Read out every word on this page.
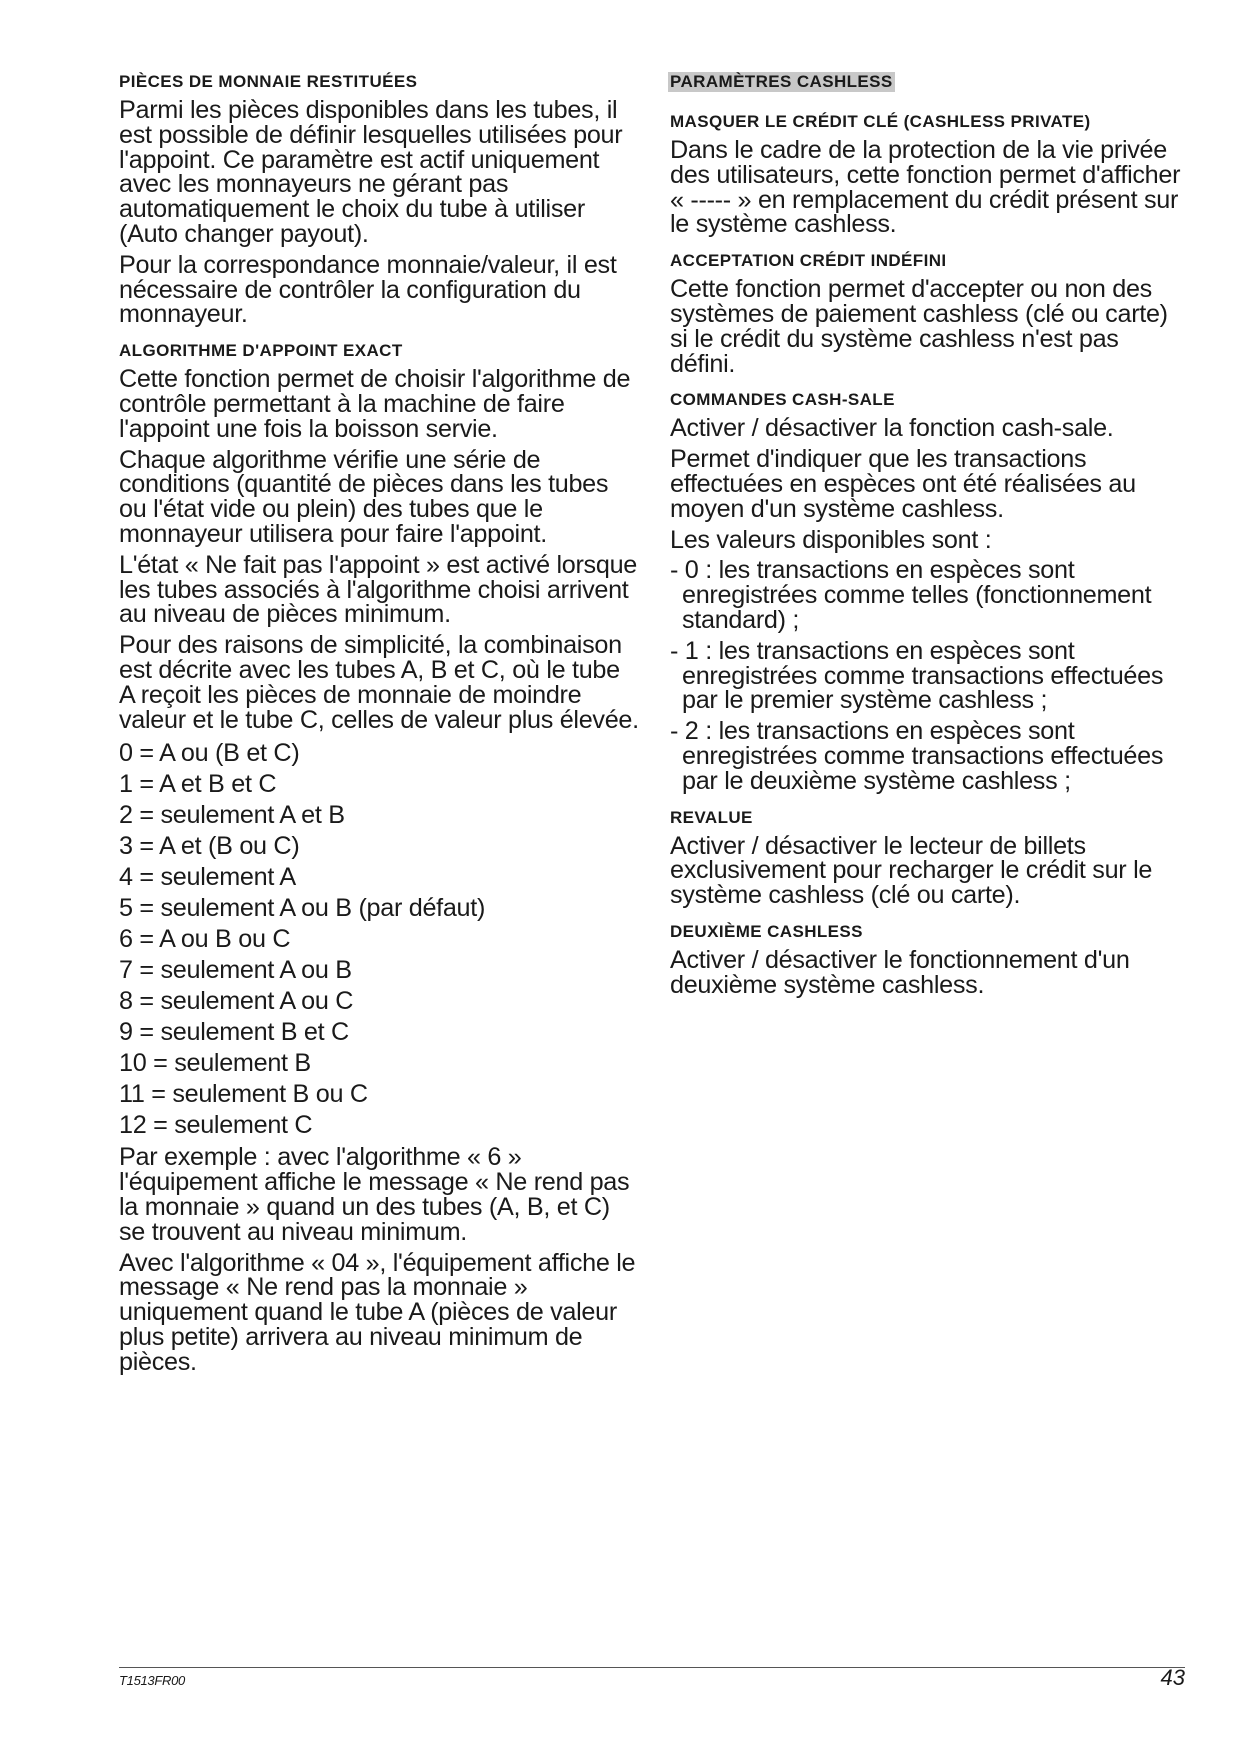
PIÈCES DE MONNAIE RESTITUÉES

Parmi les pièces disponibles dans les tubes, il est possible de définir lesquelles utilisées pour l'appoint. Ce paramètre est actif uniquement avec les monnayeurs ne gérant pas automatiquement le choix du tube à utiliser (Auto changer payout).

Pour la correspondance monnaie/valeur, il est nécessaire de contrôler la configuration du monnayeur.

ALGORITHME D'APPOINT EXACT

Cette fonction permet de choisir l'algorithme de contrôle permettant à la machine de faire l'appoint une fois la boisson servie.

Chaque algorithme vérifie une série de conditions (quantité de pièces dans les tubes ou l'état vide ou plein) des tubes que le monnayeur utilisera pour faire l'appoint.

L'état « Ne fait pas l'appoint » est activé lorsque les tubes associés à l'algorithme choisi arrivent au niveau de pièces minimum.

Pour des raisons de simplicité, la combinaison est décrite avec les tubes A, B et C, où le tube A reçoit les pièces de monnaie de moindre valeur et le tube C, celles de valeur plus élevée.

0 = A ou (B et C)

1 = A et B et C

2 = seulement A et B

3 = A et (B ou C)

4 = seulement A

5 = seulement A ou B (par défaut)

6 = A ou B ou C

7 = seulement A ou B

8 = seulement A ou C

9 = seulement B et C

10 = seulement B

11 = seulement B ou C

12 = seulement C

Par exemple : avec l'algorithme « 6 » l'équipement affiche le message « Ne rend pas la monnaie » quand un des tubes (A, B, et C) se trouvent au niveau minimum.

Avec l'algorithme « 04 », l'équipement affiche le message « Ne rend pas la monnaie » uniquement quand le tube A (pièces de valeur plus petite) arrivera au niveau minimum de pièces.

PARAMÈTRES CASHLESS
MASQUER LE CRÉDIT CLÉ (CASHLESS PRIVATE)

Dans le cadre de la protection de la vie privée des utilisateurs, cette fonction permet d'afficher « ----- » en remplacement du crédit présent sur le système cashless.

ACCEPTATION CRÉDIT INDÉFINI

Cette fonction permet d'accepter ou non des systèmes de paiement cashless (clé ou carte) si le crédit du système cashless n'est pas défini.

COMMANDES CASH-SALE

Activer / désactiver la fonction cash-sale.

Permet d'indiquer que les transactions effectuées en espèces ont été réalisées au moyen d'un système cashless.

Les valeurs disponibles sont :

- 0 : les transactions en espèces sont enregistrées comme telles (fonctionnement standard) ;

- 1 : les transactions en espèces sont enregistrées comme transactions effectuées par le premier système cashless ;

- 2 : les transactions en espèces sont enregistrées comme transactions effectuées par le deuxième système cashless ;

REVALUE

Activer / désactiver le lecteur de billets exclusivement pour recharger le crédit sur le système cashless (clé ou carte).

DEUXIÈME CASHLESS

Activer / désactiver le fonctionnement d'un deuxième système cashless.

T1513FR00	43
